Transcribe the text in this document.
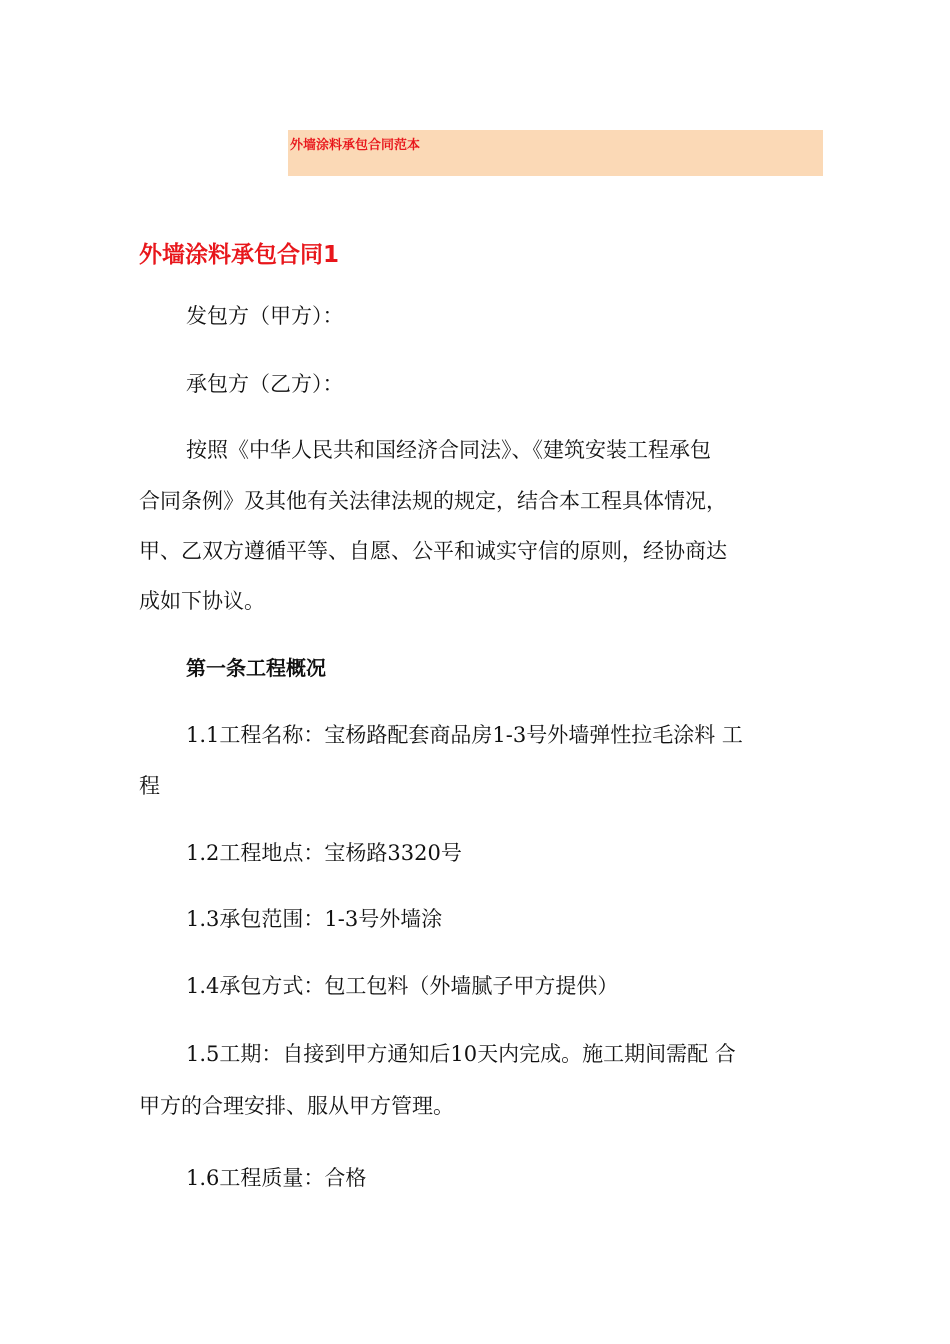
外墙涂料承包合同范本
外墙涂料承包合同1

发包方（甲方）：

承包方（乙方）：

按照《中华人民共和国经济合同法》、《建筑安装工程承包

合同条例》及其他有关法律法规的规定，结合本工程具体情况，

甲、乙双方遵循平等、自愿、公平和诚实守信的原则，经协商达

成如下协议。

第一条工程概况

1.1工程名称：宝杨路配套商品房1-3号外墙弹性拉毛涂料 工

程

1.2工程地点：宝杨路3320号

1.3承包范围：1-3号外墙涂

1.4承包方式：包工包料（外墙腻子甲方提供）

1.5工期：自接到甲方通知后10天内完成。施工期间需配 合

甲方的合理安排、服从甲方管理。

1.6工程质量：合格
